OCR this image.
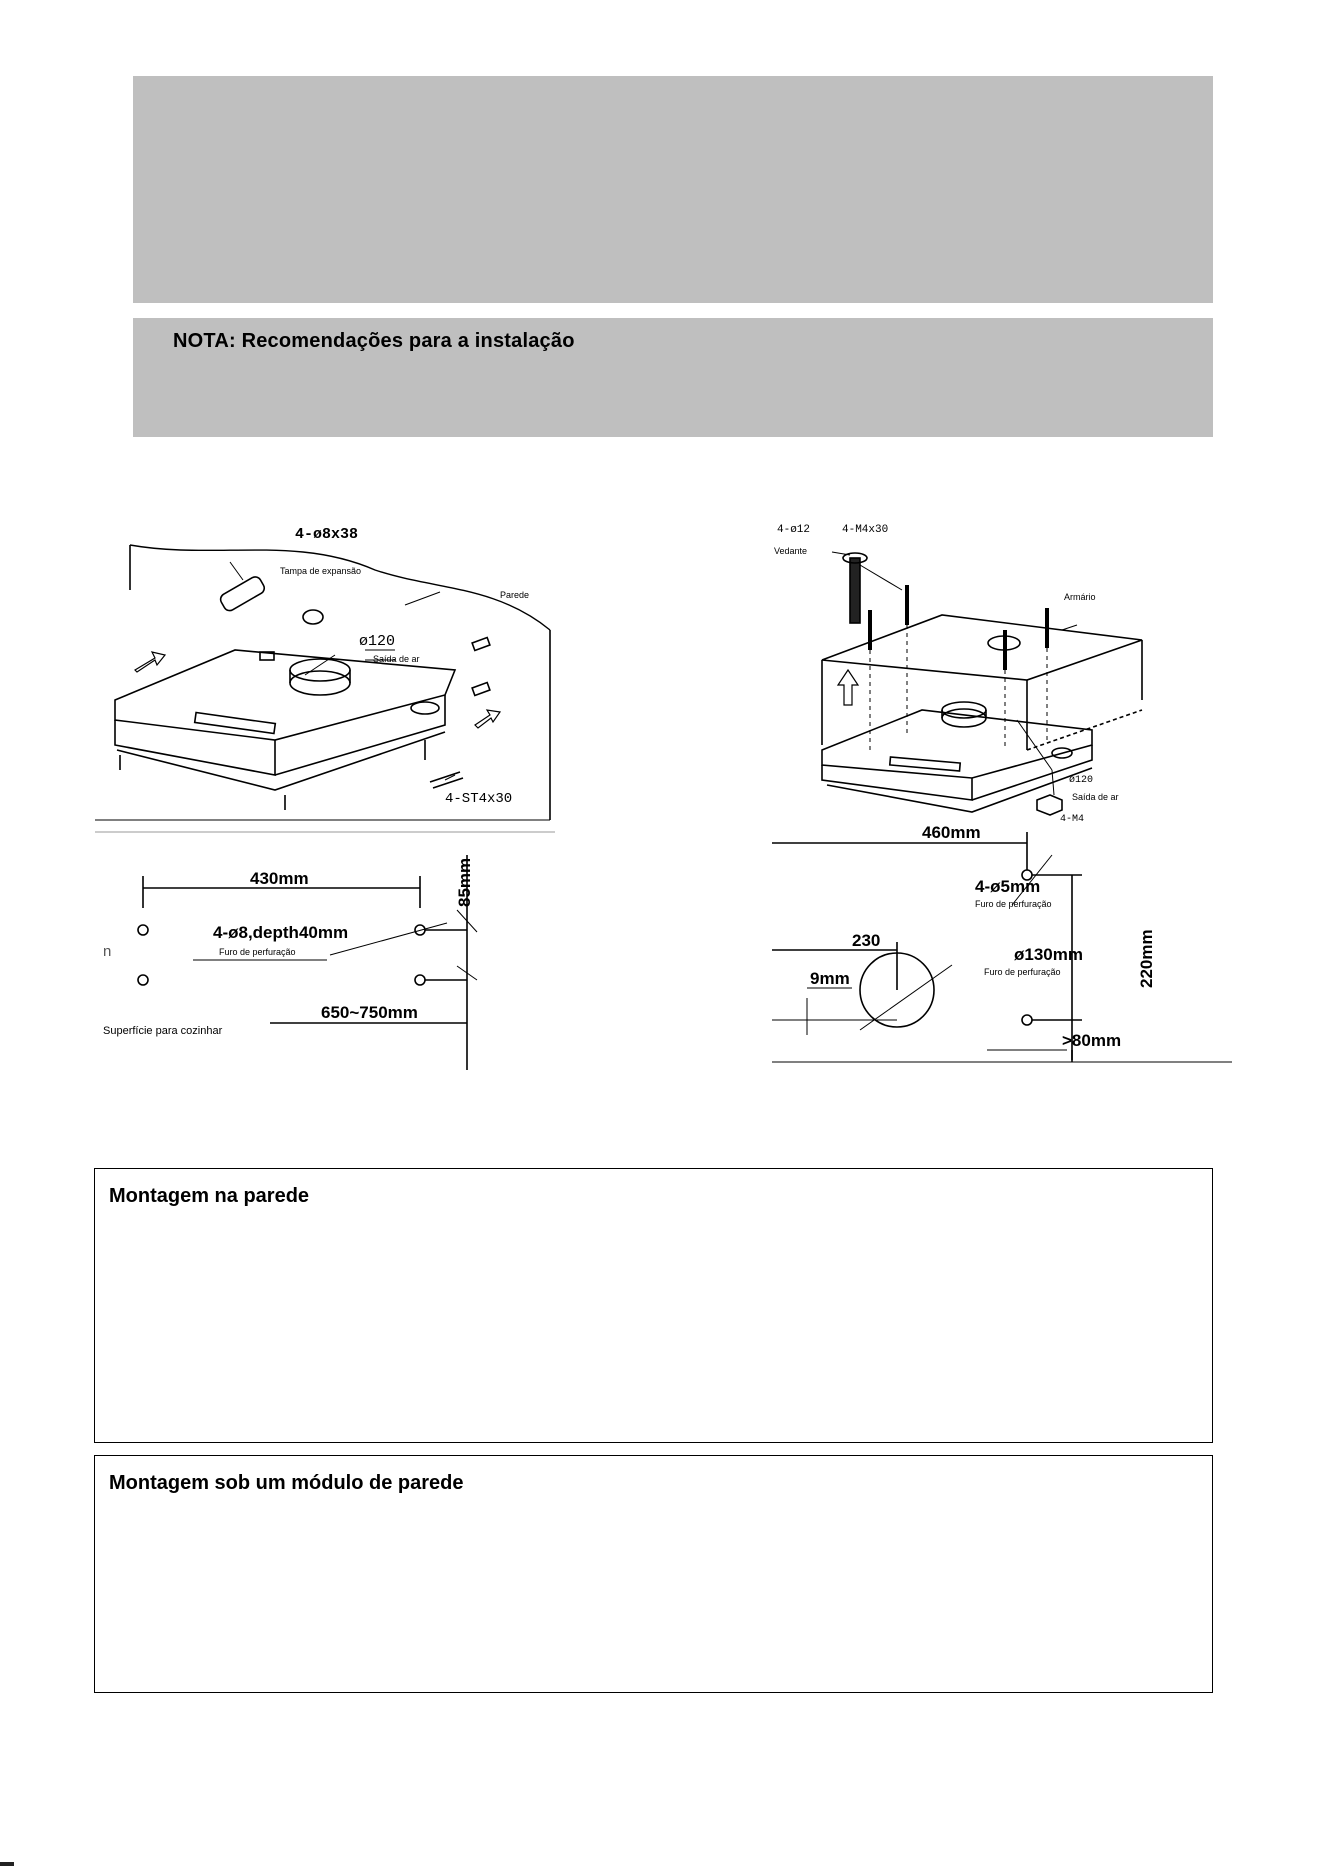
NOTA: Recomendações para a instalação
4-ø8x38
Tampa de expansão
Parede
ø120
Saída de ar
4-ST4x30
430mm
4-ø8,depth40mm
Furo de perfuração
85mm
650~750mm
Superfície para cozinhar
n
4-ø12	4-M4x30
Vedante
Armário
ø120
Saída de ar
4-M4
460mm
4-ø5mm
Furo de perfuração
230
ø130mm
Furo de perfuração
9mm	220mm
>80mm
Montagem na parede
Montagem sob um módulo de parede
